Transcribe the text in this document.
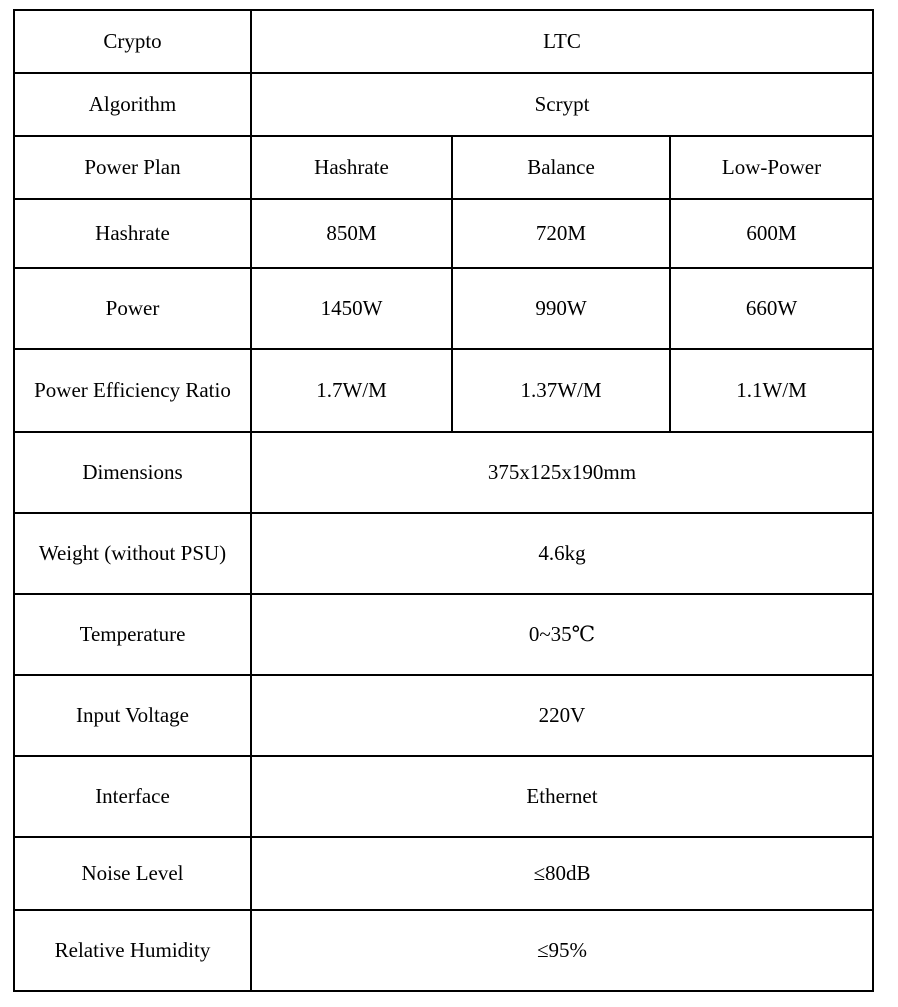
Crypto	LTC		
Algorithm	Scrypt		
Power Plan	Hashrate	Balance	Low-Power
Hashrate	850M	720M	600M
Power	1450W	990W	660W
Power Efficiency Ratio	1.7W/M	1.37W/M	1.1W/M
Dimensions	375x125x190mm		
Weight (without PSU)	4.6kg		
Temperature	0~35℃		
Input Voltage	220V		
Interface	Ethernet		
Noise Level	≤80dB		
Relative Humidity	≤95%		
